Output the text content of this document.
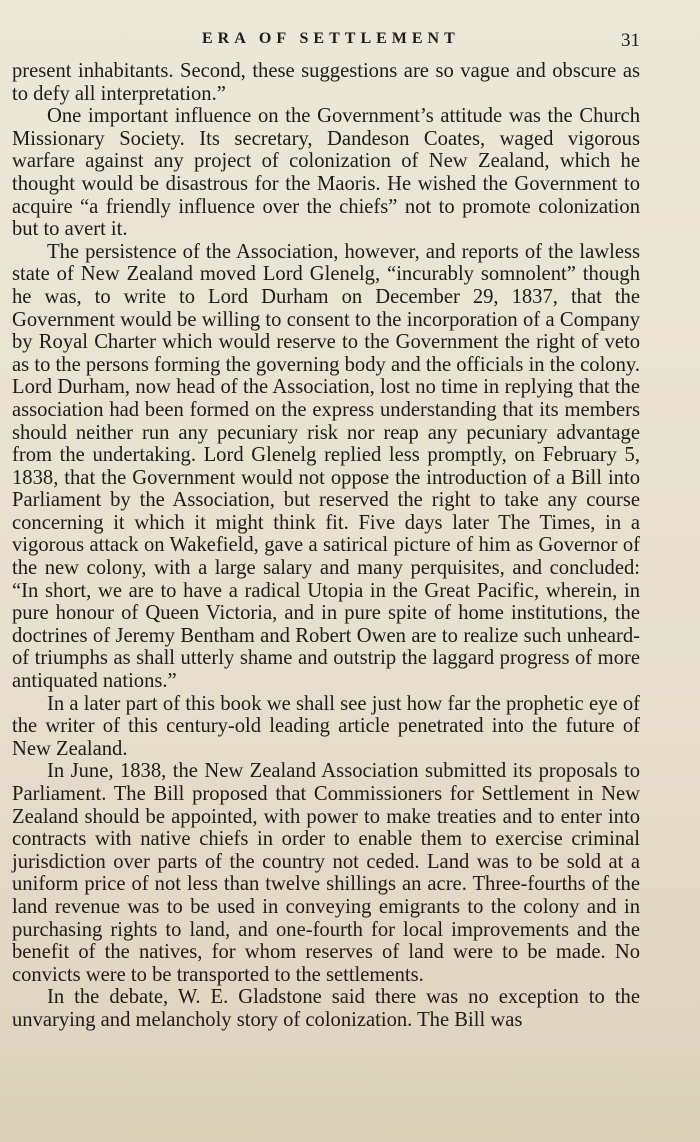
ERA OF SETTLEMENT	31

present inhabitants. Second, these suggestions are so vague and obscure as to defy all interpretation.”

One important influence on the Government’s attitude was the Church Missionary Society. Its secretary, Dandeson Coates, waged vigorous warfare against any project of colonization of New Zealand, which he thought would be disastrous for the Maoris. He wished the Government to acquire “a friendly influence over the chiefs” not to promote colonization but to avert it.

The persistence of the Association, however, and reports of the lawless state of New Zealand moved Lord Glenelg, “incurably somnolent” though he was, to write to Lord Durham on December 29, 1837, that the Government would be willing to consent to the incorporation of a Company by Royal Charter which would reserve to the Government the right of veto as to the persons forming the governing body and the officials in the colony. Lord Durham, now head of the Association, lost no time in replying that the association had been formed on the express understanding that its members should neither run any pecuniary risk nor reap any pecuniary advantage from the undertaking. Lord Glenelg replied less promptly, on February 5, 1838, that the Government would not oppose the introduction of a Bill into Parliament by the Association, but reserved the right to take any course concerning it which it might think fit. Five days later The Times, in a vigorous attack on Wakefield, gave a satirical picture of him as Governor of the new colony, with a large salary and many perquisites, and concluded: “In short, we are to have a radical Utopia in the Great Pacific, wherein, in pure honour of Queen Victoria, and in pure spite of home institutions, the doctrines of Jeremy Bentham and Robert Owen are to realize such unheard-of triumphs as shall utterly shame and outstrip the laggard progress of more antiquated nations.”

In a later part of this book we shall see just how far the prophetic eye of the writer of this century-old leading article penetrated into the future of New Zealand.

In June, 1838, the New Zealand Association submitted its proposals to Parliament. The Bill proposed that Commissioners for Settlement in New Zealand should be appointed, with power to make treaties and to enter into contracts with native chiefs in order to enable them to exercise criminal jurisdiction over parts of the country not ceded. Land was to be sold at a uniform price of not less than twelve shillings an acre. Three-fourths of the land revenue was to be used in conveying emigrants to the colony and in purchasing rights to land, and one-fourth for local improvements and the benefit of the natives, for whom reserves of land were to be made. No convicts were to be transported to the settlements.

In the debate, W. E. Gladstone said there was no exception to the unvarying and melancholy story of colonization. The Bill was
